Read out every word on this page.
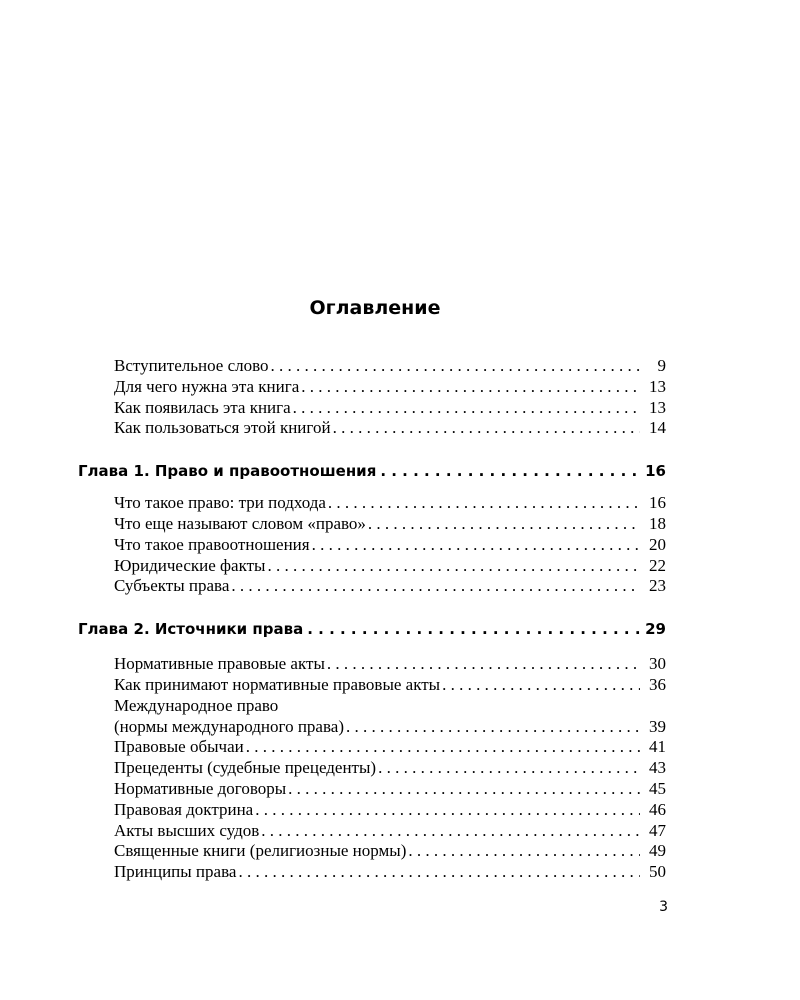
Оглавление
Вступительное слово . . .	9
Для чего нужна эта книга . . .	13
Как появилась эта книга . . .	13
Как пользоваться этой книгой . . .	14
Глава 1. Право и правоотношения . . .	16
Что такое право: три подхода . . .	16
Что еще называют словом «право» . . .	18
Что такое правоотношения . . .	20
Юридические факты . . .	22
Субъекты права . . .	23
Глава 2. Источники права . . .	29
Нормативные правовые акты . . .	30
Как принимают нормативные правовые акты . . .	36
Международное право
(нормы международного права) . . .	39
Правовые обычаи . . .	41
Прецеденты (судебные прецеденты) . . .	43
Нормативные договоры . . .	45
Правовая доктрина . . .	46
Акты высших судов . . .	47
Священные книги (религиозные нормы) . . .	49
Принципы права . . .	50
3
